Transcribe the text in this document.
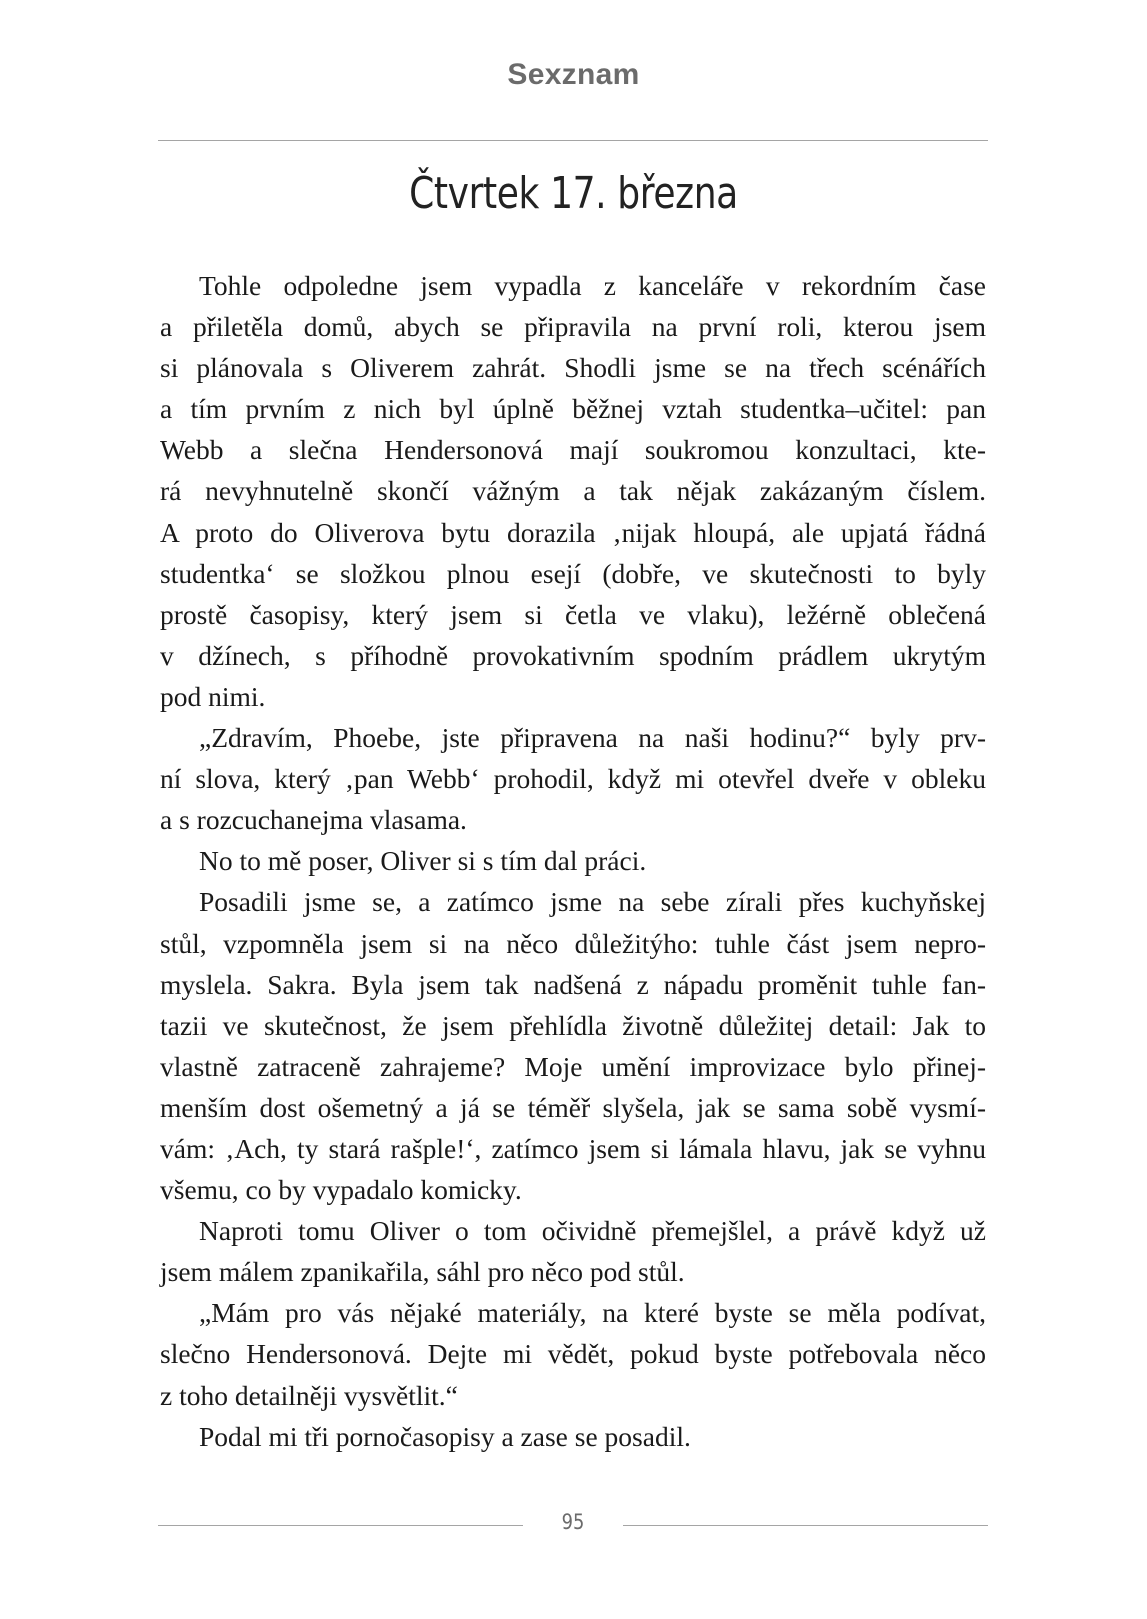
Sexznam
Čtvrtek 17. března
Tohle odpoledne jsem vypadla z kanceláře v rekordním čase
a přiletěla domů, abych se připravila na první roli, kterou jsem
si plánovala s Oliverem zahrát. Shodli jsme se na třech scénářích
a tím prvním z nich byl úplně běžnej vztah studentka–učitel: pan
Webb a slečna Hendersonová mají soukromou konzultaci, kte-
rá nevyhnutelně skončí vážným a tak nějak zakázaným číslem.
A proto do Oliverova bytu dorazila ‚nijak hloupá, ale upjatá řádná
studentka‘ se složkou plnou esejí (dobře, ve skutečnosti to byly
prostě časopisy, který jsem si četla ve vlaku), ležérně oblečená
v džínech, s příhodně provokativním spodním prádlem ukrytým
pod nimi.
„Zdravím, Phoebe, jste připravena na naši hodinu?“ byly prv-
ní slova, který ‚pan Webb‘ prohodil, když mi otevřel dveře v obleku
a s rozcuchanejma vlasama.
No to mě poser, Oliver si s tím dal práci.
Posadili jsme se, a zatímco jsme na sebe zírali přes kuchyňskej
stůl, vzpomněla jsem si na něco důležitýho: tuhle část jsem nepro-
myslela. Sakra. Byla jsem tak nadšená z nápadu proměnit tuhle fan-
tazii ve skutečnost, že jsem přehlídla životně důležitej detail: Jak to
vlastně zatraceně zahrajeme? Moje umění improvizace bylo přinej-
menším dost ošemetný a já se téměř slyšela, jak se sama sobě vysmí-
vám: ‚Ach, ty stará rašple!‘, zatímco jsem si lámala hlavu, jak se vyhnu
všemu, co by vypadalo komicky.
Naproti tomu Oliver o tom očividně přemejšlel, a právě když už
jsem málem zpanikařila, sáhl pro něco pod stůl.
„Mám pro vás nějaké materiály, na které byste se měla podívat,
slečno Hendersonová. Dejte mi vědět, pokud byste potřebovala něco
z toho detailněji vysvětlit.“
Podal mi tři pornočasopisy a zase se posadil.
95
